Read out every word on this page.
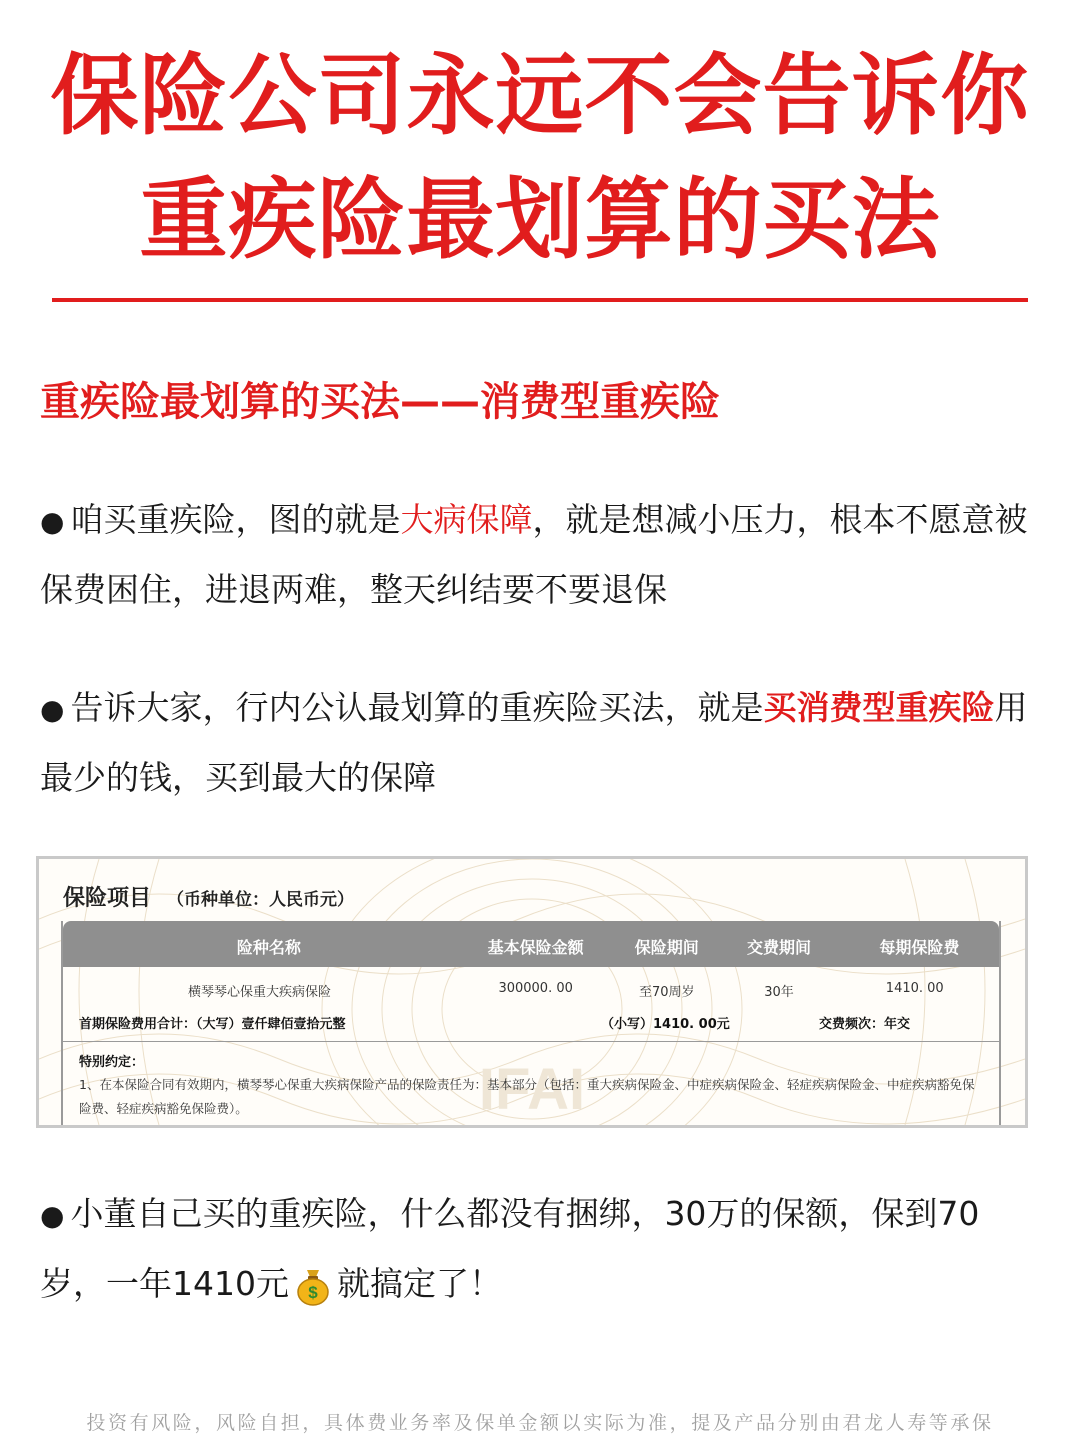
保险公司永远不会告诉你
重疾险最划算的买法
重疾险最划算的买法——消费型重疾险

● 咱买重疾险，图的就是大病保障，就是想减小压力，根本不愿意被保费困住，进退两难，整天纠结要不要退保

● 告诉大家，行内公认最划算的重疾险买法，就是买消费型重疾险用最少的钱，买到最大的保障

IFAI
保险项目 （币种单位：人民币元）
险种名称	基本保险金额	保险期间	交费期间	每期保险费
横琴琴心保重大疾病保险	300000. 00	至70周岁	30年	1410. 00
首期保险费用合计：（大写）壹仟肆佰壹拾元整	（小写）1410. 00元	交费频次：年交
特别约定：
1、在本保险合同有效期内，横琴琴心保重大疾病保险产品的保险责任为：基本部分（包括：重大疾病保险金、中症疾病保险金、轻症疾病保险金、中症疾病豁免保险费、轻症疾病豁免保险费）。

● 小董自己买的重疾险，什么都没有捆绑，30万的保额，保到70岁，一年1410元 $ 就搞定了！

投资有风险，风险自担，具体费业务率及保单金额以实际为准，提及产品分别由君龙人寿等承保
